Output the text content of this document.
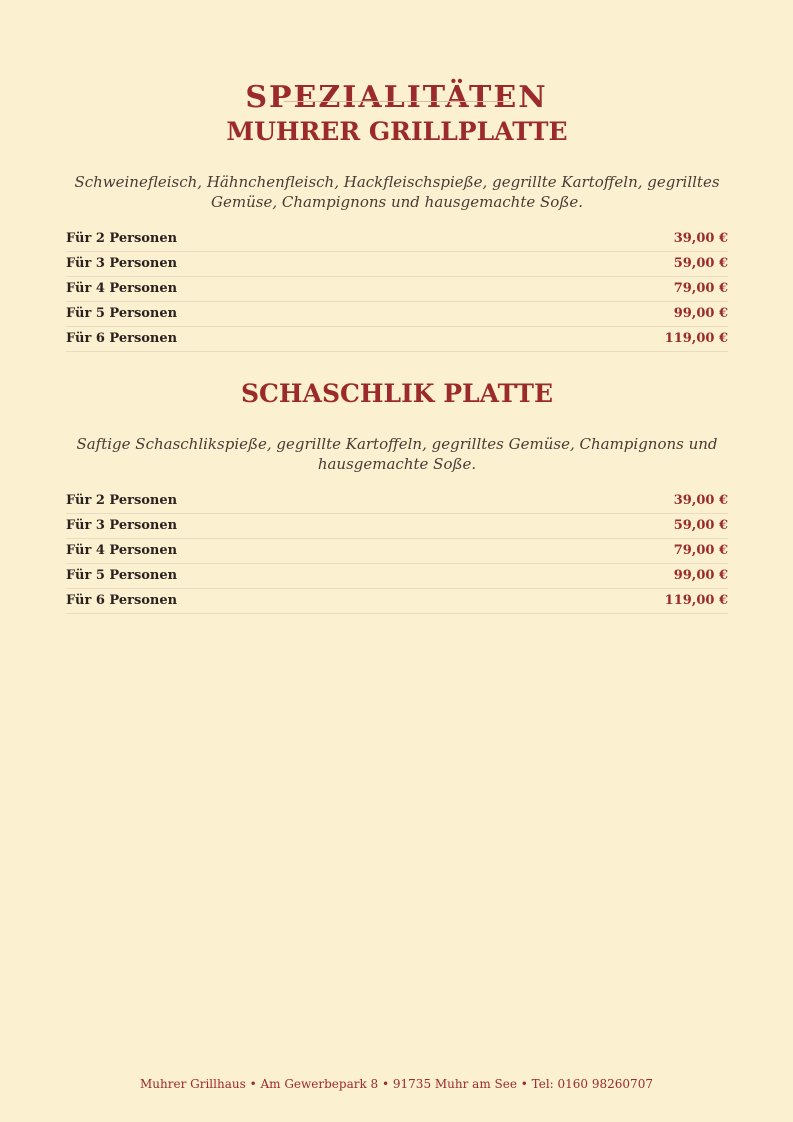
SPEZIALITÄTEN
MUHRER GRILLPLATTE

Schweinefleisch, Hähnchenfleisch, Hackfleischspieße, gegrillte Kartoffeln, gegrilltes Gemüse, Champignons und hausgemachte Soße.

Für 2 Personen	39,00 €
Für 3 Personen	59,00 €
Für 4 Personen	79,00 €
Für 5 Personen	99,00 €
Für 6 Personen	119,00 €
SCHASCHLIK PLATTE

Saftige Schaschlikspieße, gegrillte Kartoffeln, gegrilltes Gemüse, Champignons und hausgemachte Soße.

Für 2 Personen	39,00 €
Für 3 Personen	59,00 €
Für 4 Personen	79,00 €
Für 5 Personen	99,00 €
Für 6 Personen	119,00 €
Muhrer Grillhaus • Am Gewerbepark 8 • 91735 Muhr am See • Tel: 0160 98260707
